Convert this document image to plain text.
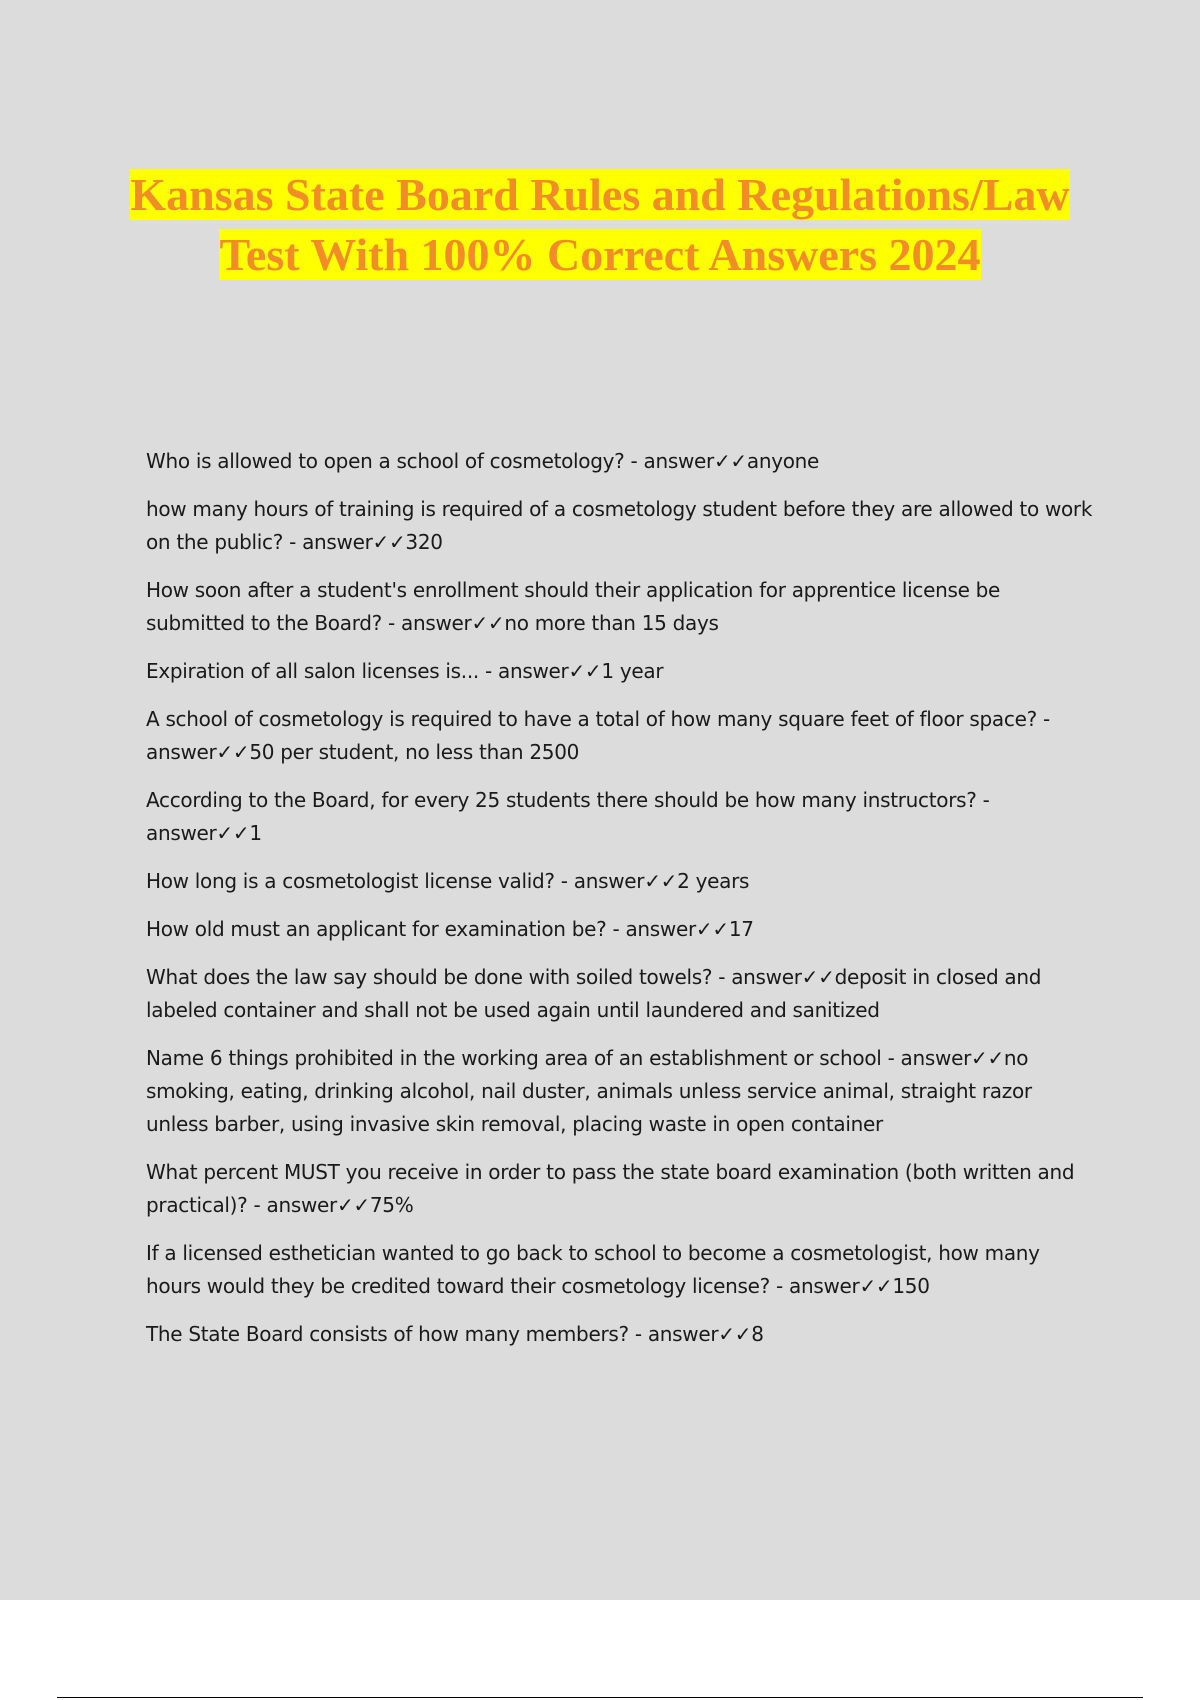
Kansas State Board Rules and Regulations/Law Test With 100% Correct Answers 2024
Who is allowed to open a school of cosmetology? - answer✓✓anyone
how many hours of training is required of a cosmetology student before they are allowed to work on the public? - answer✓✓320
How soon after a student's enrollment should their application for apprentice license be submitted to the Board? - answer✓✓no more than 15 days
Expiration of all salon licenses is... - answer✓✓1 year
A school of cosmetology is required to have a total of how many square feet of floor space? - answer✓✓50 per student, no less than 2500
According to the Board, for every 25 students there should be how many instructors? - answer✓✓1
How long is a cosmetologist license valid? - answer✓✓2 years
How old must an applicant for examination be? - answer✓✓17
What does the law say should be done with soiled towels? - answer✓✓deposit in closed and labeled container and shall not be used again until laundered and sanitized
Name 6 things prohibited in the working area of an establishment or school - answer✓✓no smoking, eating, drinking alcohol, nail duster, animals unless service animal, straight razor unless barber, using invasive skin removal, placing waste in open container
What percent MUST you receive in order to pass the state board examination (both written and practical)? - answer✓✓75%
If a licensed esthetician wanted to go back to school to become a cosmetologist, how many hours would they be credited toward their cosmetology license? - answer✓✓150
The State Board consists of how many members? - answer✓✓8
